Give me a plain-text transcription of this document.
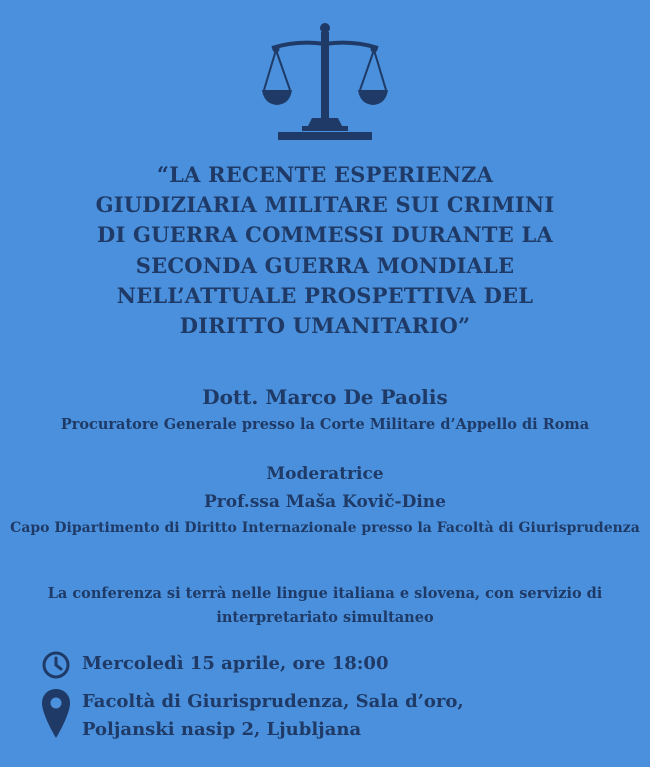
“LA RECENTE ESPERIENZA
GIUDIZIARIA MILITARE SUI CRIMINI
DI GUERRA COMMESSI DURANTE LA
SECONDA GUERRA MONDIALE
NELL’ATTUALE PROSPETTIVA DEL
DIRITTO UMANITARIO”
Dott. Marco De Paolis
Procuratore Generale presso la Corte Militare d’Appello di Roma
Moderatrice
Prof.ssa Maša Kovič-Dine
Capo Dipartimento di Diritto Internazionale presso la Facoltà di Giurisprudenza
La conferenza si terrà nelle lingue italiana e slovena, con servizio di
interpretariato simultaneo
Mercoledì 15 aprile, ore 18:00
Facoltà di Giurisprudenza, Sala d’oro,
Poljanski nasip 2, Ljubljana
